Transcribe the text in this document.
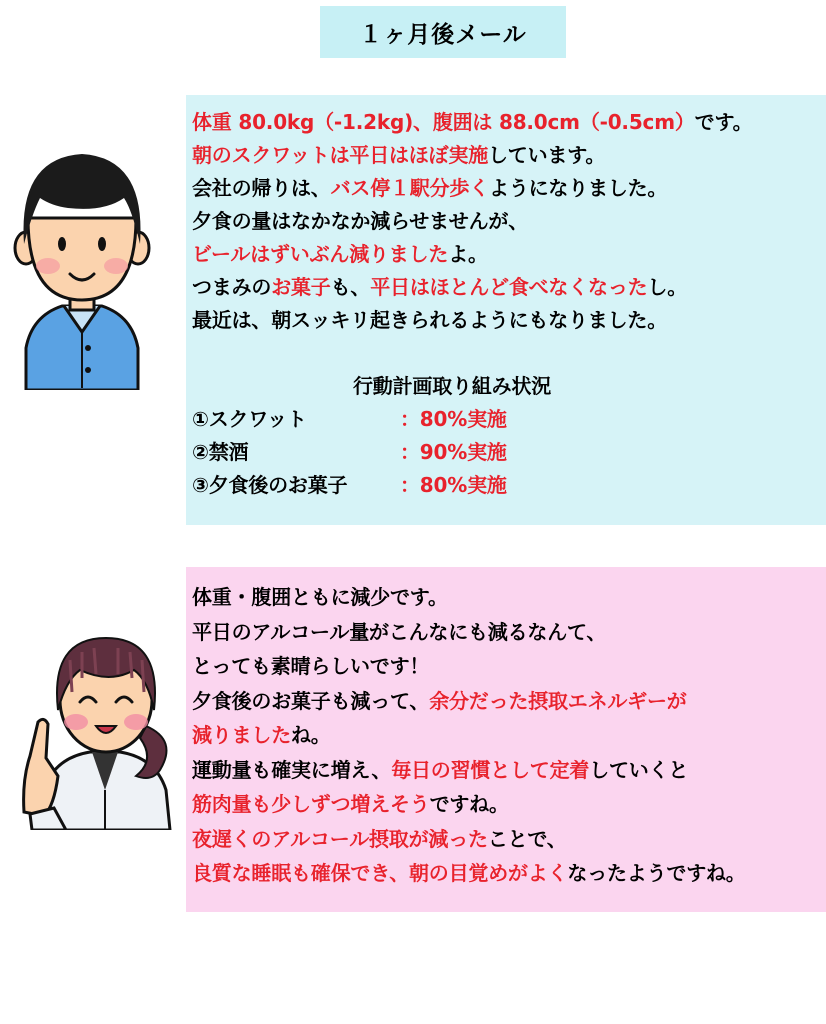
１ヶ月後メール
体重 80.0kg（-1.2kg)、腹囲は 88.0cm（-0.5cm）です。
朝のスクワットは平日はほぼ実施しています。
会社の帰りは、バス停１駅分歩くようになりました。
夕食の量はなかなか減らせませんが、
ビールはずいぶん減りましたよ。
つまみのお菓子も、平日はほとんど食べなくなったし。
最近は、朝スッキリ起きられるようにもなりました。
行動計画取り組み状況
①スクワット	：80%実施
②禁酒	：90%実施
③夕食後のお菓子	：80%実施
体重・腹囲ともに減少です。
平日のアルコール量がこんなにも減るなんて、
とっても素晴らしいです！
夕食後のお菓子も減って、余分だった摂取エネルギーが
減りましたね。
運動量も確実に増え、毎日の習慣として定着していくと
筋肉量も少しずつ増えそうですね。
夜遅くのアルコール摂取が減ったことで、
良質な睡眠も確保でき、朝の目覚めがよくなったようですね。
